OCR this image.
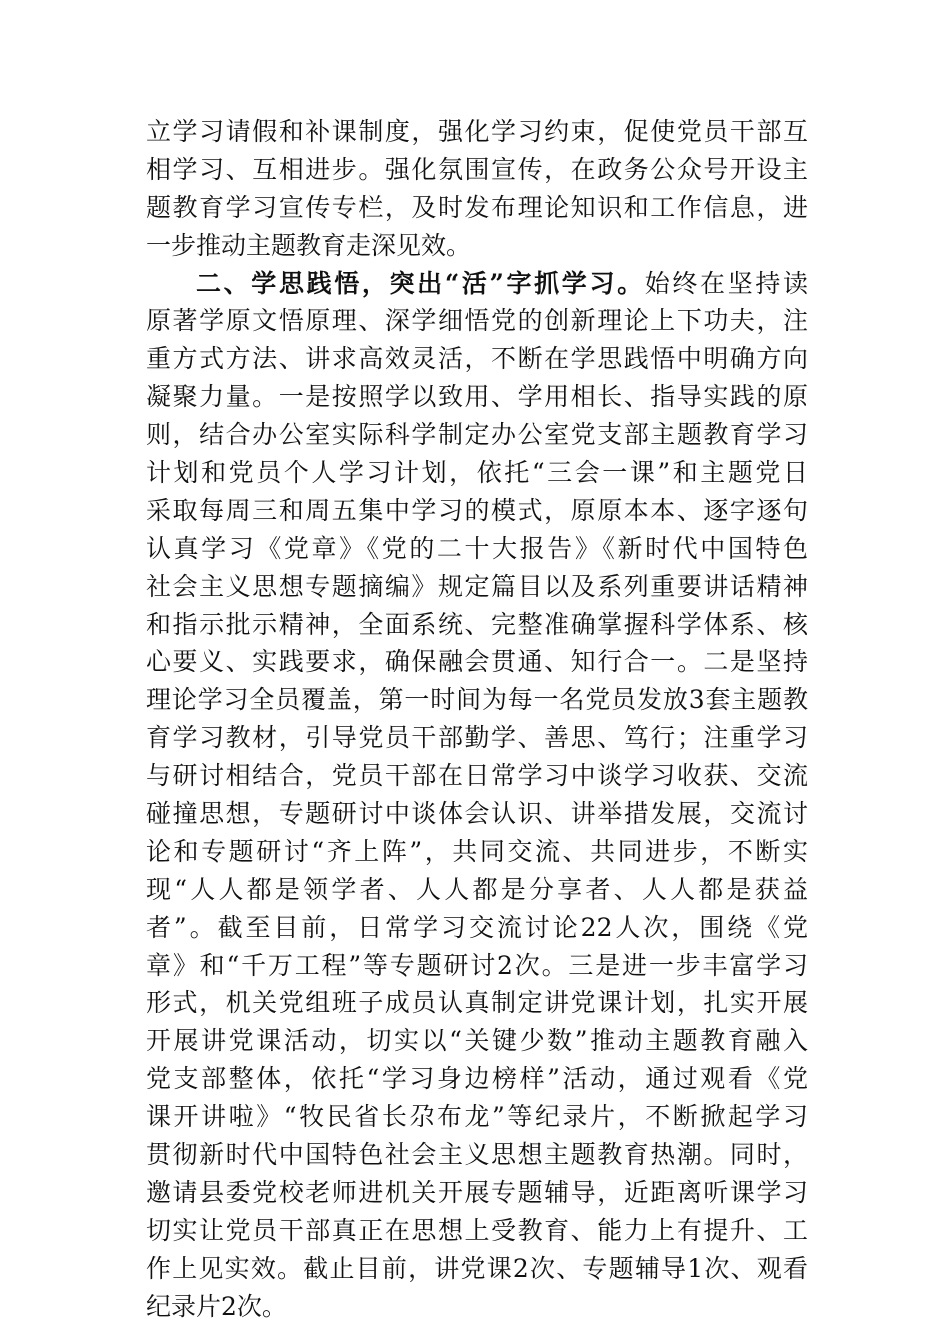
立学习请假和补课制度，强化学习约束，促使党员干部互
相学习、互相进步。强化氛围宣传，在政务公众号开设主
题教育学习宣传专栏，及时发布理论知识和工作信息，进
一步推动主题教育走深见效。
二、学思践悟，突出“活”字抓学习。始终在坚持读
原著学原文悟原理、深学细悟党的创新理论上下功夫，注
重方式方法、讲求高效灵活，不断在学思践悟中明确方向
凝聚力量。一是按照学以致用、学用相长、指导实践的原
则，结合办公室实际科学制定办公室党支部主题教育学习
计划和党员个人学习计划，依托“三会一课”和主题党日
采取每周三和周五集中学习的模式，原原本本、逐字逐句
认真学习《党章》《党的二十大报告》《新时代中国特色
社会主义思想专题摘编》规定篇目以及系列重要讲话精神
和指示批示精神，全面系统、完整准确掌握科学体系、核
心要义、实践要求，确保融会贯通、知行合一。二是坚持
理论学习全员覆盖，第一时间为每一名党员发放3套主题教
育学习教材，引导党员干部勤学、善思、笃行；注重学习
与研讨相结合，党员干部在日常学习中谈学习收获、交流
碰撞思想，专题研讨中谈体会认识、讲举措发展，交流讨
论和专题研讨“齐上阵”，共同交流、共同进步，不断实
现“人人都是领学者、人人都是分享者、人人都是获益
者”。截至目前，日常学习交流讨论22人次，围绕《党
章》和“千万工程”等专题研讨2次。三是进一步丰富学习
形式，机关党组班子成员认真制定讲党课计划，扎实开展
开展讲党课活动，切实以“关键少数”推动主题教育融入
党支部整体，依托“学习身边榜样”活动，通过观看《党
课开讲啦》“牧民省长尕布龙”等纪录片，不断掀起学习
贯彻新时代中国特色社会主义思想主题教育热潮。同时，
邀请县委党校老师进机关开展专题辅导，近距离听课学习
切实让党员干部真正在思想上受教育、能力上有提升、工
作上见实效。截止目前，讲党课2次、专题辅导1次、观看
纪录片2次。
